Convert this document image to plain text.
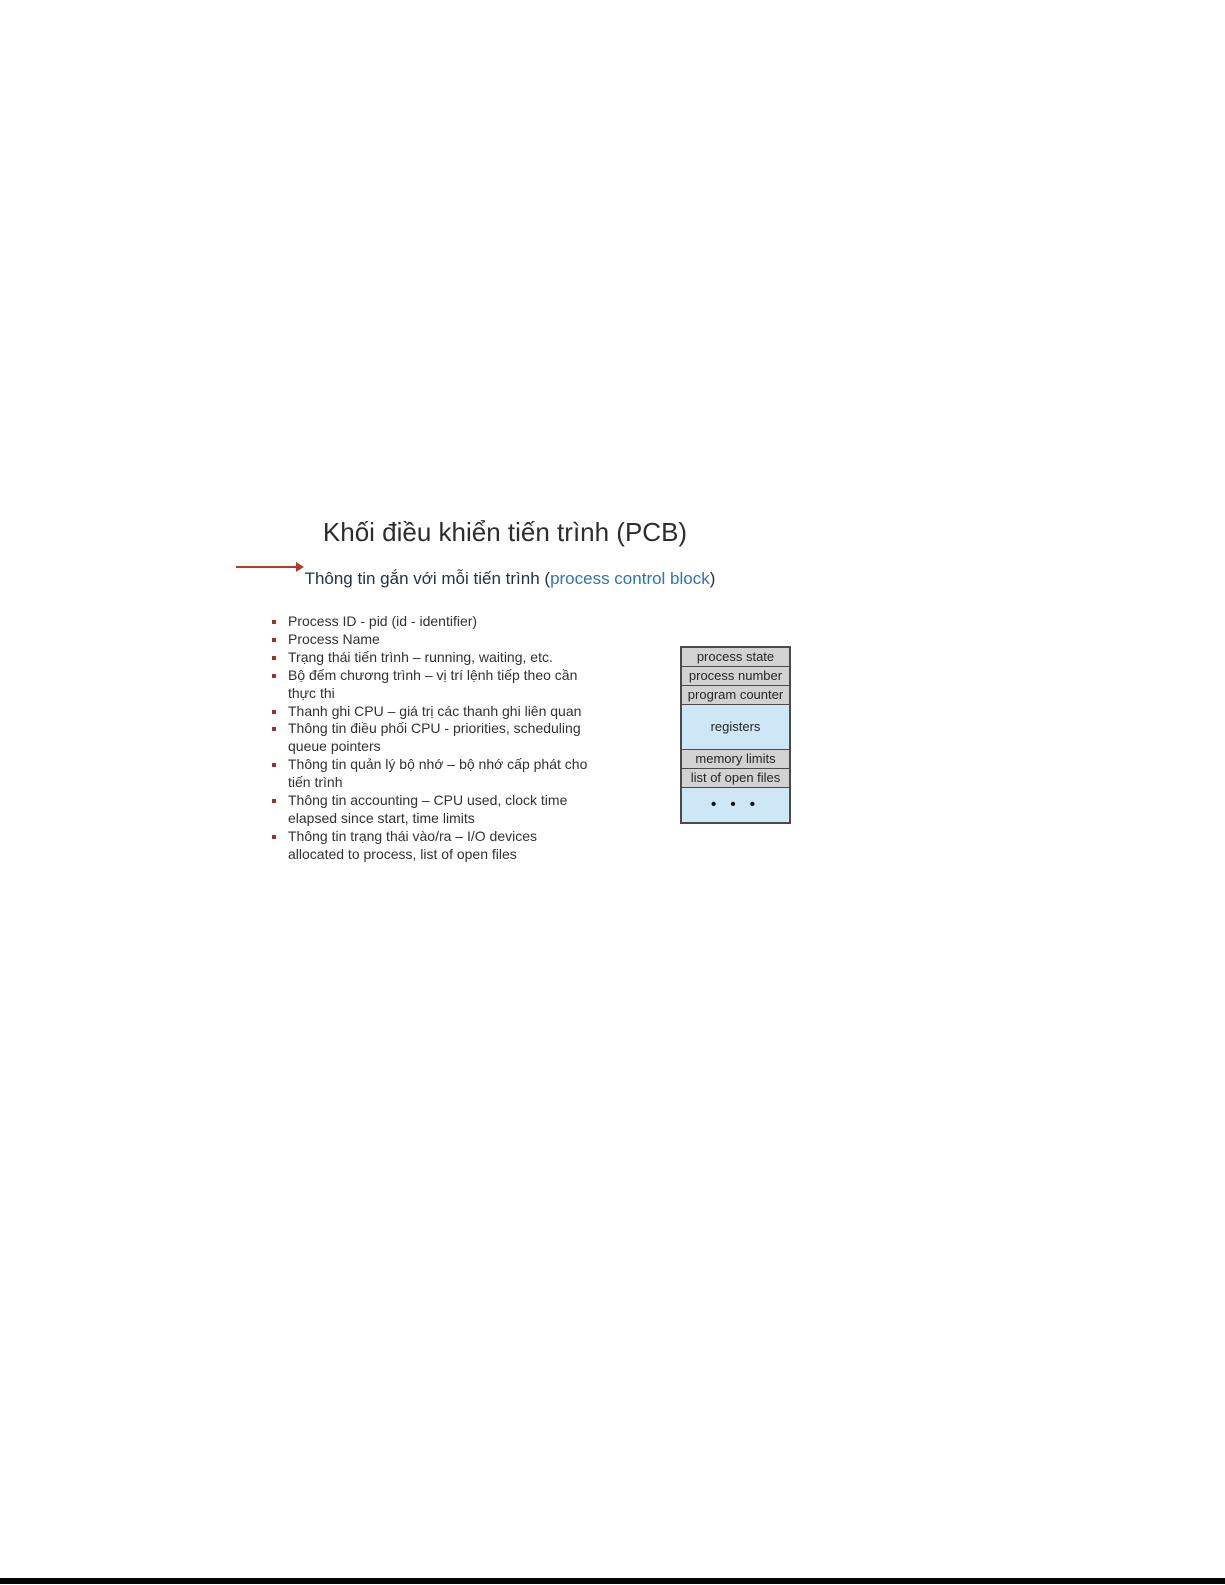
Khối điều khiển tiến trình (PCB)
Thông tin gắn với mỗi tiến trình (process control block)
Process ID - pid (id - identifier)
Process Name
Trạng thái tiến trình – running, waiting, etc.
Bộ đếm chương trình – vị trí lệnh tiếp theo cần thực thi
Thanh ghi CPU – giá trị các thanh ghi liên quan
Thông tin điều phối CPU - priorities, scheduling queue pointers
Thông tin quản lý bộ nhớ – bộ nhớ cấp phát cho tiến trình
Thông tin accounting – CPU used, clock time elapsed since start, time limits
Thông tin trạng thái vào/ra – I/O devices allocated to process, list of open files
process state
process number
program counter
registers
memory limits
list of open files
• • •
